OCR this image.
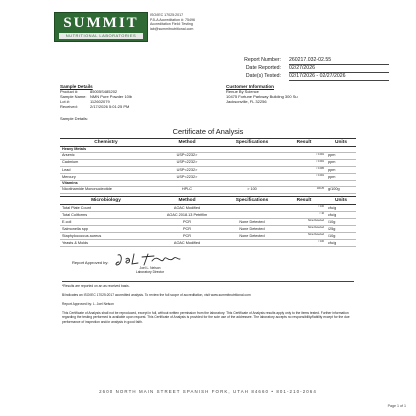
SUMMIT
NUTRITIONAL LABORATORIES
ISO/IEC 17025:2017
PJLA Accreditation #: 75496
Accreditation Field: Testing
lab@summitnutritional.com
Report Number:	260217.032-02.55
Date Reported:	02/27/2026
Date(s) Tested:	02/17/2026 - 02/27/2026
Sample Details
Product #:	85005S485202
Sample Name: NMN Pure Powder 10lb
Lot #:	112602079
Received:	2/17/2026 5:01:25 PM
Sample Details:
Customer Information
Renue By Science
10475 Fortune Parkway Building 300 Su
Jacksonville, FL 32256
Certificate of Analysis
Chemistry	Method	Specifications	Result	Units
Heavy Metals				
Arsenic	USP<2232>		$^{< 0.001}$	ppm
Cadmium	USP<2232>		$^{< 0.001}$	ppm
Lead	USP<2232>		$^{< 0.005}$	ppm
Mercury	USP<2232>		$^{< 0.001}$	ppm
Vitamins				
Nicotinamide Mononucleotide	HPLC	> 100	$^{100.25}$	g/100g
Microbiology	Method	Specifications	Result	Units
Total Plate Count	AOAC Modified		$^{< 100}$	cfu/g
Total Coliforms	AOAC 2018.13 Petrifilm		$^{< 10}$	cfu/g
E.coli	PCR	None Detected	$^{None Detected}$	/10g
Salmonella spp	PCR	None Detected	$^{None Detected}$	/25g
Staphylococcus aureus	PCR	None Detected	$^{None Detected}$	/10g
Yeasts & Molds	AOAC Modified		$^{< 100}$	cfu/g
Report Approved by:
Joel L. Nelson
Laboratory Director
*Results are reported on an as received basis.
B/indicates an ISO/IEC 17025:2017 accredited analysis. To review the full scope of accreditation, visit www.summitnutritional.com
Report Approved by: L. Joel Nelson
This Certificate of Analysis shall not be reproduced, except in full, without written permission from the laboratory. This Certificate of Analysis results apply only to the items tested. Further information regarding the testing performed is available upon request. This Certificate of Analysis is provided for the sole use of the addressee. The laboratory accepts no responsibility/liability except for the due performance of inspection and/or analysis in good faith.
2600 NORTH MAIN STREET SPANISH FORK, UTAH 84660 • 801-210-2064
Page 1 of 1
